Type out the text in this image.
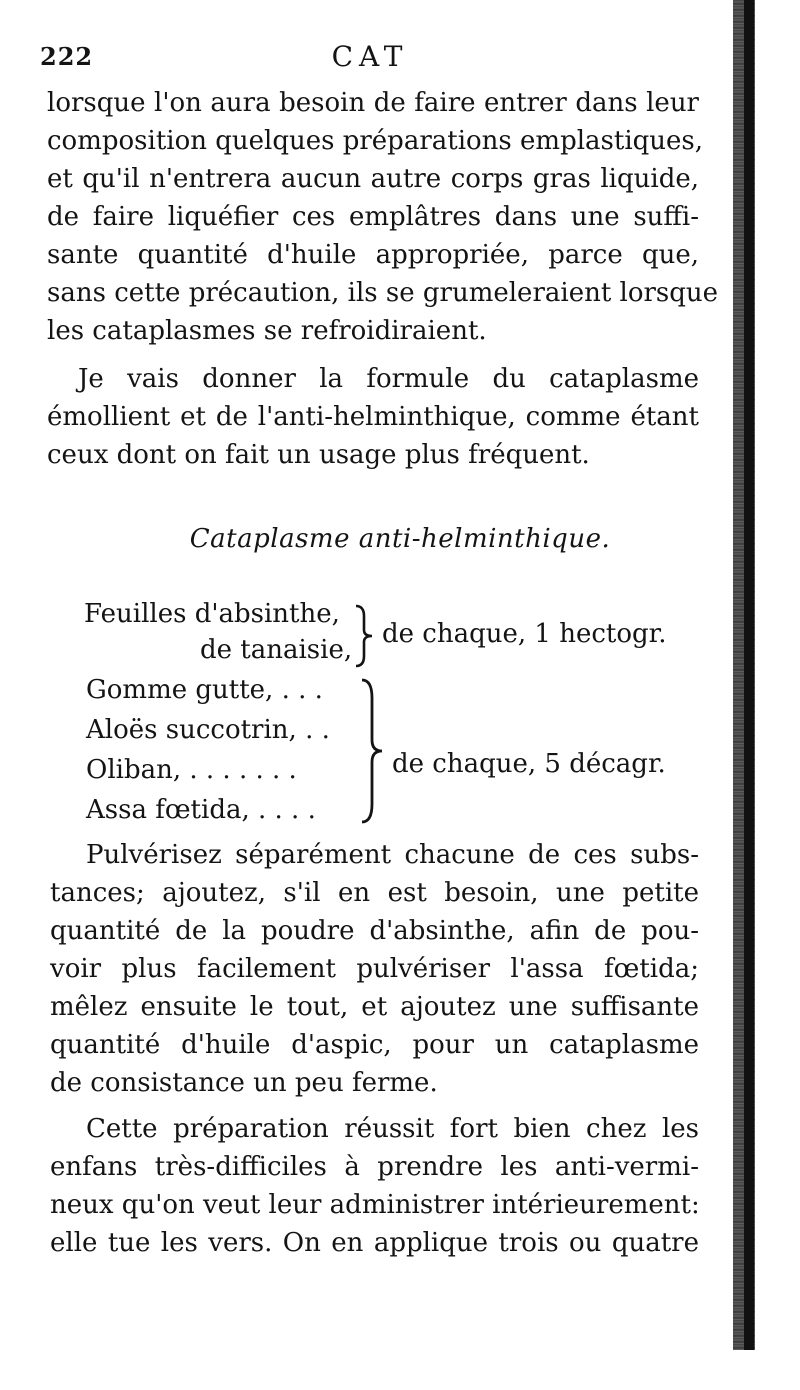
222	CAT
lorsque l'on aura besoin de faire entrer dans leur
composition quelques préparations emplastiques,
et qu'il n'entrera aucun autre corps gras liquide,
de faire liquéfier ces emplâtres dans une suffi-
sante quantité d'huile appropriée, parce que,
sans cette précaution, ils se grumeleraient lorsque
les cataplasmes se refroidiraient.
Je vais donner la formule du cataplasme
émollient et de l'anti-helminthique, comme étant
ceux dont on fait un usage plus fréquent.
Cataplasme anti-helminthique.
Feuilles d'absinthe,
de tanaisie,
de chaque, 1 hectogr.
Gomme gutte, . . .
Aloës succotrin, . .
Oliban, . . . . . . .
Assa fœtida, . . . .
de chaque, 5 décagr.
Pulvérisez séparément chacune de ces subs-
tances; ajoutez, s'il en est besoin, une petite
quantité de la poudre d'absinthe, afin de pou-
voir plus facilement pulvériser l'assa fœtida;
mêlez ensuite le tout, et ajoutez une suffisante
quantité d'huile d'aspic, pour un cataplasme
de consistance un peu ferme.
Cette préparation réussit fort bien chez les
enfans très-difficiles à prendre les anti-vermi-
neux qu'on veut leur administrer intérieurement:
elle tue les vers. On en applique trois ou quatre
